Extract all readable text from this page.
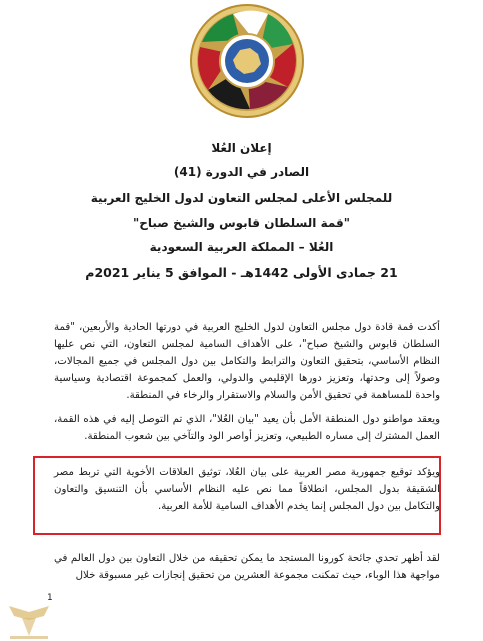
إعلان العُلا

الصادر في الدورة (41)

للمجلس الأعلى لمجلس التعاون لدول الخليج العربية

"قمة السلطان قابوس والشيخ صباح"

العُلا – المملكة العربية السعودية

21 جمادى الأولى 1442هـ - الموافق 5 يناير 2021م

أكدت قمة قادة دول مجلس التعاون لدول الخليج العربية في دورتها الحادية والأربعين، "قمة السلطان قابوس والشيخ صباح"، على الأهداف السامية لمجلس التعاون، التي نص عليها النظام الأساسي، بتحقيق التعاون والترابط والتكامل بين دول المجلس في جميع المجالات، وصولاً إلى وحدتها، وتعزيز دورها الإقليمي والدولي، والعمل كمجموعة اقتصادية وسياسية واحدة للمساهمة في تحقيق الأمن والسلام والاستقرار والرخاء في المنطقة.

ويعقد مواطنو دول المنطقة الأمل بأن يعيد "بيان العُلا"، الذي تم التوصل إليه في هذه القمة، العمل المشترك إلى مساره الطبيعي، وتعزيز أواصر الود والتآخي بين شعوب المنطقة.

ويؤكد توقيع جمهورية مصر العربية على بيان العُلا، توثيق العلاقات الأخوية التي تربط مصر الشقيقة بدول المجلس، انطلاقاً مما نص عليه النظام الأساسي بأن التنسيق والتعاون والتكامل بين دول المجلس إنما يخدم الأهداف السامية للأمة العربية.

لقد أظهر تحدي جائحة كورونا المستجد ما يمكن تحقيقه من خلال التعاون بين دول العالم في مواجهة هذا الوباء، حيث تمكنت مجموعة العشرين من تحقيق إنجازات غير مسبوقة خلال

1
